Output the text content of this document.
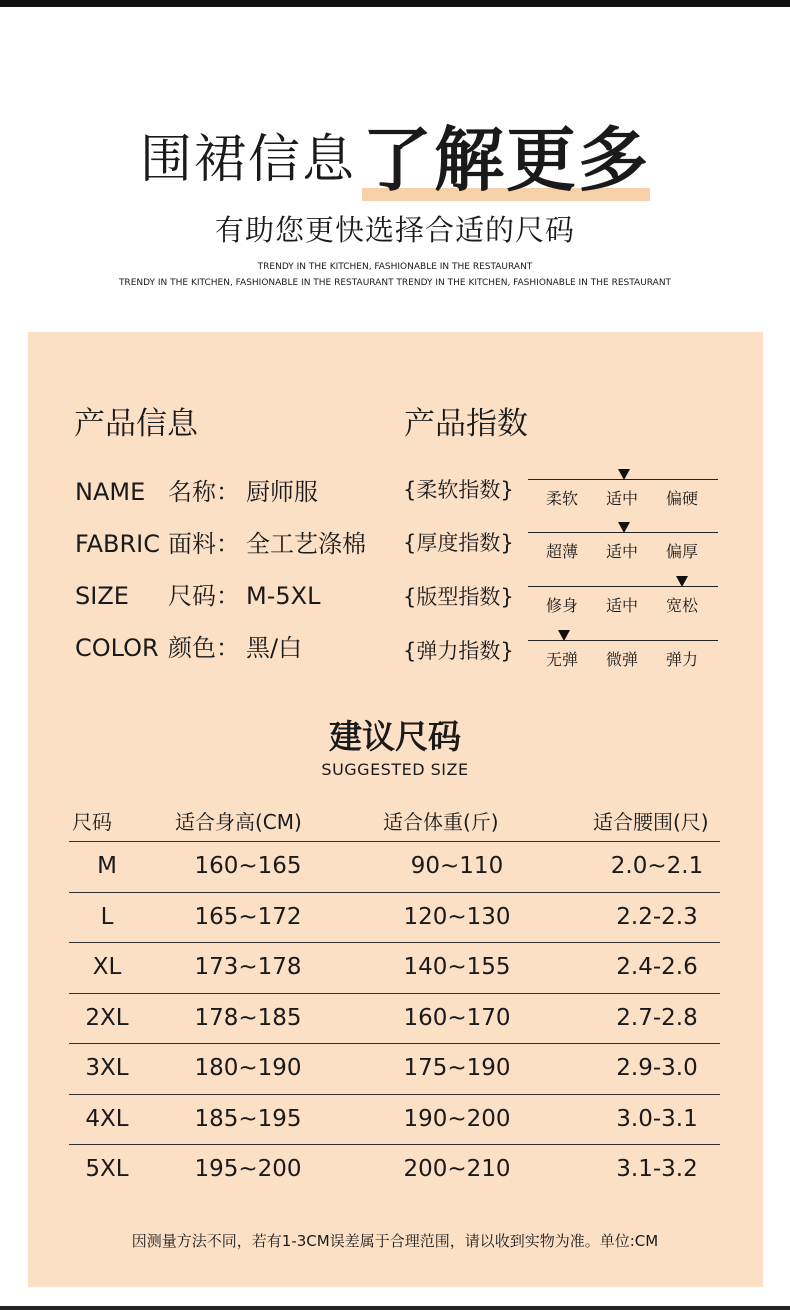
围裙信息
了解更多
有助您更快选择合适的尺码
TRENDY IN THE KITCHEN, FASHIONABLE IN THE RESTAURANT
TRENDY IN THE KITCHEN, FASHIONABLE IN THE RESTAURANT TRENDY IN THE KITCHEN, FASHIONABLE IN THE RESTAURANT
产品信息
NAME 名称： 厨师服
FABRIC 面料： 全工艺涤棉
SIZE 尺码： M-5XL
COLOR 颜色： 黑/白
产品指数
{柔软指数} 柔软 适中 偏硬
{厚度指数} 超薄 适中 偏厚
{版型指数} 修身 适中 宽松
{弹力指数} 无弹 微弹 弹力
建议尺码
SUGGESTED SIZE
尺码	适合身高(CM)	适合体重(斤)	适合腰围(尺)
M	160~165	90~110	2.0~2.1
L	165~172	120~130	2.2-2.3
XL	173~178	140~155	2.4-2.6
2XL	178~185	160~170	2.7-2.8
3XL	180~190	175~190	2.9-3.0
4XL	185~195	190~200	3.0-3.1
5XL	195~200	200~210	3.1-3.2
因测量方法不同，若有1-3CM误差属于合理范围，请以收到实物为准。单位:CM
